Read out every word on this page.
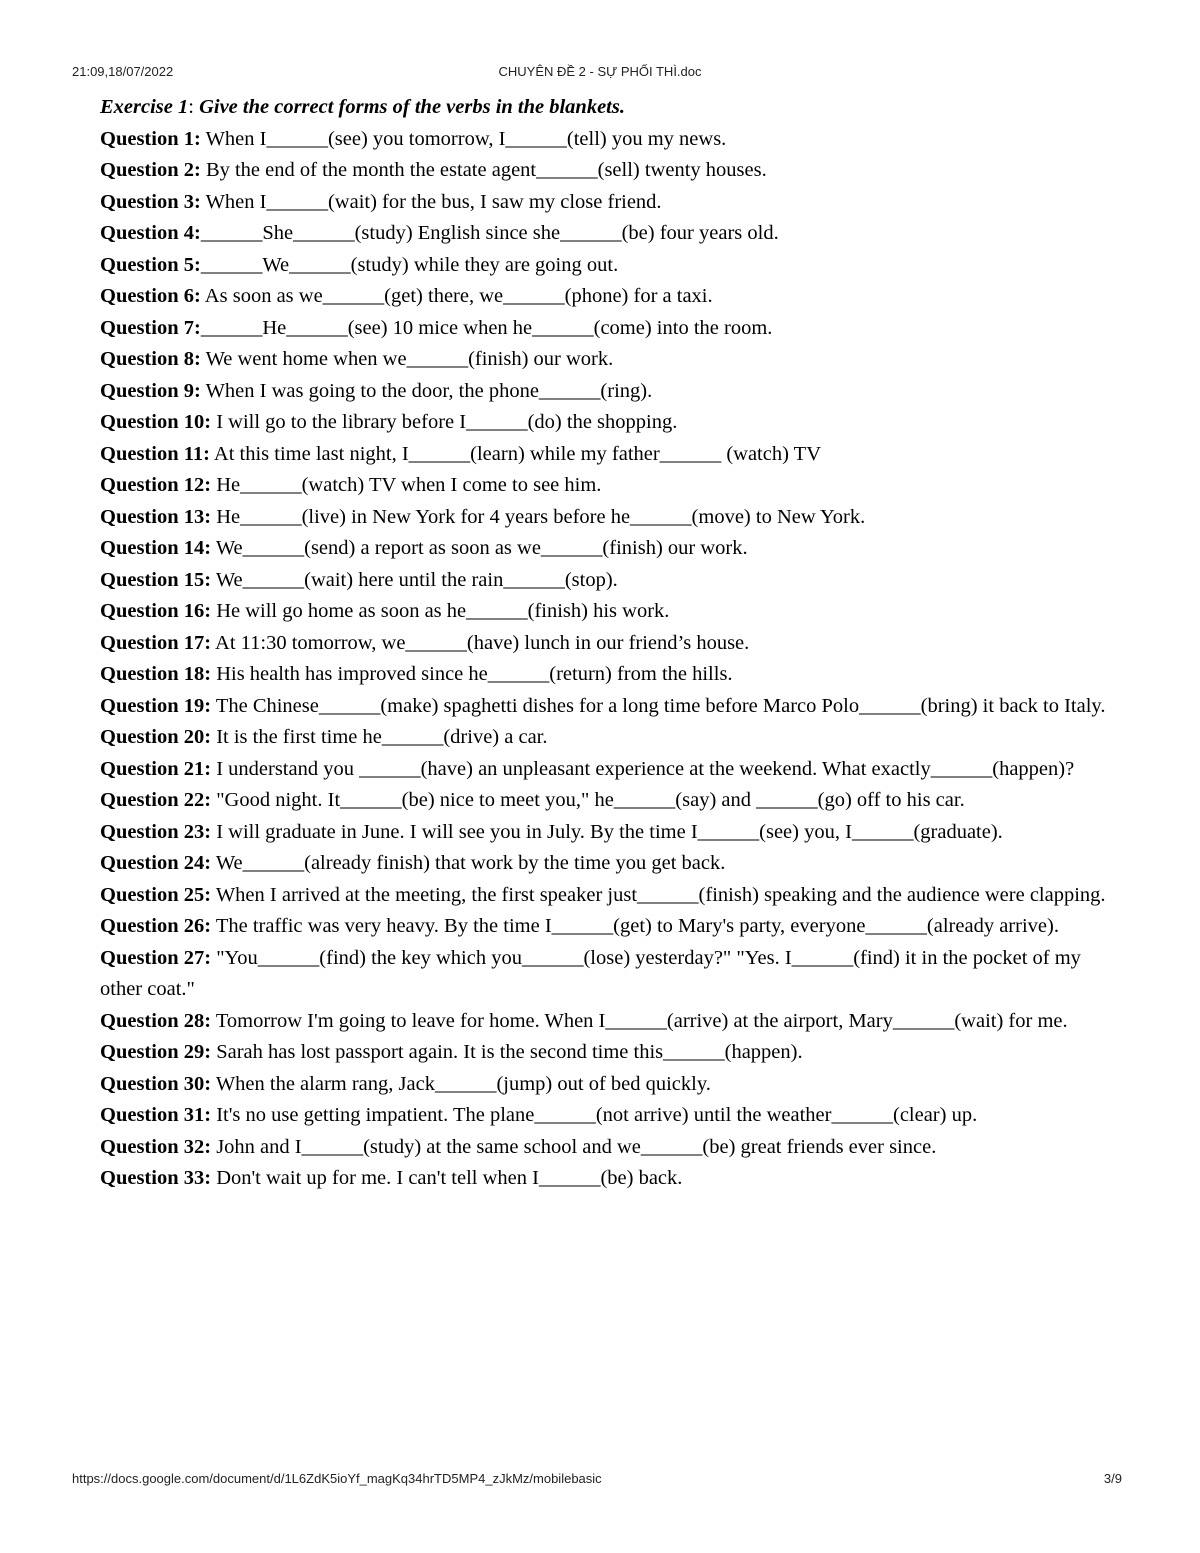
21:09,18/07/2022	CHUYÊN ĐỀ 2 - SỰ PHỐI THÌ.doc
Exercise 1: Give the correct forms of the verbs in the blankets.
Question 1: When I______(see) you tomorrow, I______(tell) you my news.
Question 2: By the end of the month the estate agent______(sell) twenty houses.
Question 3: When I______(wait) for the bus, I saw my close friend.
Question 4:______She______(study) English since she______(be) four years old.
Question 5:______We______(study) while they are going out.
Question 6: As soon as we______(get) there, we______(phone) for a taxi.
Question 7:______He______(see) 10 mice when he______(come) into the room.
Question 8: We went home when we______(finish) our work.
Question 9: When I was going to the door, the phone______(ring).
Question 10: I will go to the library before I______(do) the shopping.
Question 11: At this time last night, I______(learn) while my father______ (watch) TV
Question 12: He______(watch) TV when I come to see him.
Question 13: He______(live) in New York for 4 years before he______(move) to New York.
Question 14: We______(send) a report as soon as we______(finish) our work.
Question 15: We______(wait) here until the rain______(stop).
Question 16: He will go home as soon as he______(finish) his work.
Question 17: At 11:30 tomorrow, we______(have) lunch in our friend’s house.
Question 18: His health has improved since he______(return) from the hills.
Question 19: The Chinese______(make) spaghetti dishes for a long time before Marco Polo______(bring) it back to Italy.
Question 20: It is the first time he______(drive) a car.
Question 21: I understand you ______(have) an unpleasant experience at the weekend. What exactly______(happen)?
Question 22: "Good night. It______(be) nice to meet you," he______(say) and ______(go) off to his car.
Question 23: I will graduate in June. I will see you in July. By the time I______(see) you, I______(graduate).
Question 24: We______(already finish) that work by the time you get back.
Question 25: When I arrived at the meeting, the first speaker just______(finish) speaking and the audience were clapping.
Question 26: The traffic was very heavy. By the time I______(get) to Mary's party, everyone______(already arrive).
Question 27: "You______(find) the key which you______(lose) yesterday?" "Yes. I______(find) it in the pocket of my other coat."
Question 28: Tomorrow I'm going to leave for home. When I______(arrive) at the airport, Mary______(wait) for me.
Question 29: Sarah has lost passport again. It is the second time this______(happen).
Question 30: When the alarm rang, Jack______(jump) out of bed quickly.
Question 31: It's no use getting impatient. The plane______(not arrive) until the weather______(clear) up.
Question 32: John and I______(study) at the same school and we______(be) great friends ever since.
Question 33: Don't wait up for me. I can't tell when I______(be) back.
https://docs.google.com/document/d/1L6ZdK5ioYf_magKq34hrTD5MP4_zJkMz/mobilebasic	3/9
